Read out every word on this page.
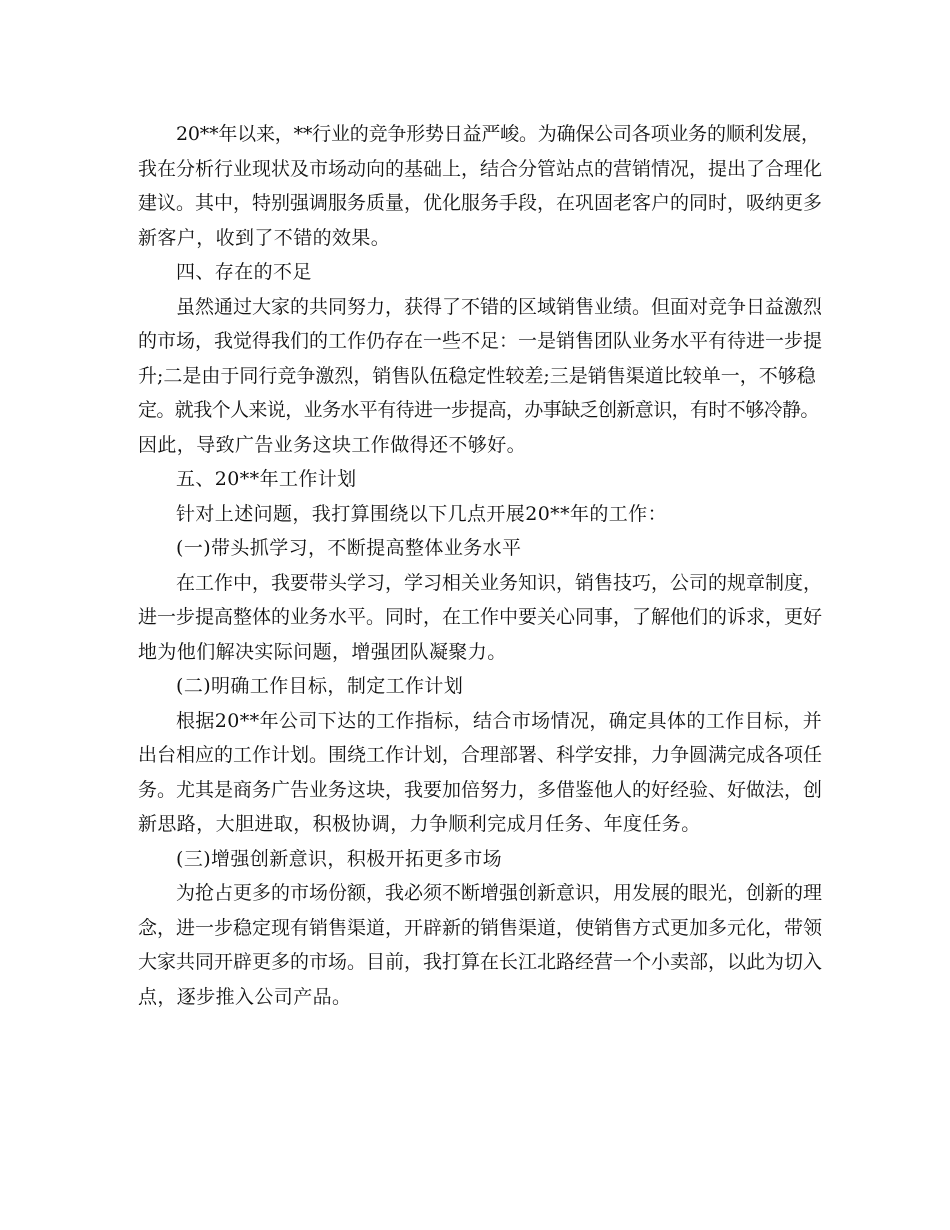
20**年以来，**行业的竞争形势日益严峻。为确保公司各项业务的顺利发展，
我在分析行业现状及市场动向的基础上，结合分管站点的营销情况，提出了合理化
建议。其中，特别强调服务质量，优化服务手段，在巩固老客户的同时，吸纳更多
新客户，收到了不错的效果。
四、存在的不足
虽然通过大家的共同努力，获得了不错的区域销售业绩。但面对竞争日益激烈
的市场，我觉得我们的工作仍存在一些不足：一是销售团队业务水平有待进一步提
升;二是由于同行竞争激烈，销售队伍稳定性较差;三是销售渠道比较单一，不够稳
定。就我个人来说，业务水平有待进一步提高，办事缺乏创新意识，有时不够冷静。
因此，导致广告业务这块工作做得还不够好。
五、20**年工作计划
针对上述问题，我打算围绕以下几点开展20**年的工作：
(一)带头抓学习，不断提高整体业务水平
在工作中，我要带头学习，学习相关业务知识，销售技巧，公司的规章制度，
进一步提高整体的业务水平。同时，在工作中要关心同事，了解他们的诉求，更好
地为他们解决实际问题，增强团队凝聚力。
(二)明确工作目标，制定工作计划
根据20**年公司下达的工作指标，结合市场情况，确定具体的工作目标，并
出台相应的工作计划。围绕工作计划，合理部署、科学安排，力争圆满完成各项任
务。尤其是商务广告业务这块，我要加倍努力，多借鉴他人的好经验、好做法，创
新思路，大胆进取，积极协调，力争顺利完成月任务、年度任务。
(三)增强创新意识，积极开拓更多市场
为抢占更多的市场份额，我必须不断增强创新意识，用发展的眼光，创新的理
念，进一步稳定现有销售渠道，开辟新的销售渠道，使销售方式更加多元化，带领
大家共同开辟更多的市场。目前，我打算在长江北路经营一个小卖部，以此为切入
点，逐步推入公司产品。
